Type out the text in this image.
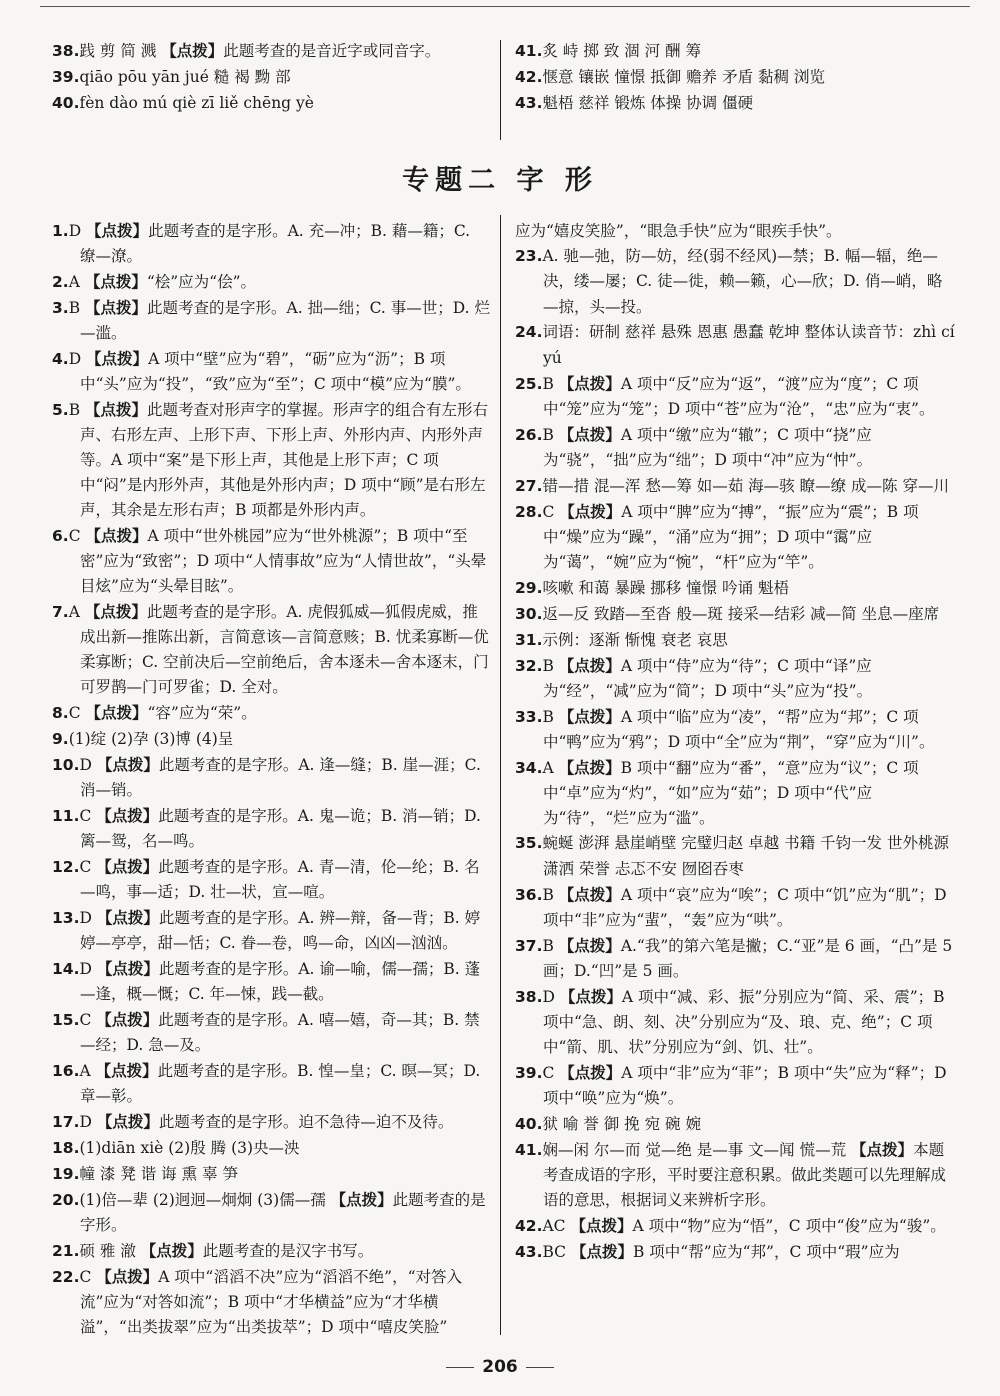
38.践 剪 简 溅 【点拨】此题考查的是音近字或同音字。

39.qiāo pōu yān jué 糙 褐 黝 部

40.fèn dào mú qiè zī liě chēng yè

41.炙 峙 掷 致 涸 河 酬 筹

42.惬意 镶嵌 憧憬 抵御 赡养 矛盾 黏稠 浏览

43.魁梧 慈祥 锻炼 体操 协调 僵硬

专题二 字 形

1.D 【点拨】此题考查的是字形。A. 充—冲；B. 藉—籍；C. 缭—潦。

2.A 【点拨】“桧”应为“侩”。

3.B 【点拨】此题考查的是字形。A. 拙—绌；C. 事—世；D. 烂—滥。

4.D 【点拨】A 项中“壁”应为“碧”，“砺”应为“沥”；B 项中“头”应为“投”，“致”应为“至”；C 项中“模”应为“膜”。

5.B 【点拨】此题考查对形声字的掌握。形声字的组合有左形右声、右形左声、上形下声、下形上声、外形内声、内形外声等。A 项中“案”是下形上声，其他是上形下声；C 项中“闷”是内形外声，其他是外形内声；D 项中“顾”是右形左声，其余是左形右声；B 项都是外形内声。

6.C 【点拨】A 项中“世外桃园”应为“世外桃源”；B 项中“至密”应为“致密”；D 项中“人情事故”应为“人情世故”，“头晕目炫”应为“头晕目眩”。

7.A 【点拨】此题考查的是字形。A. 虎假狐威—狐假虎威，推成出新—推陈出新，言简意该—言简意赅；B. 忧柔寡断—优柔寡断；C. 空前决后—空前绝后，舍本逐未—舍本逐末，门可罗鹊—门可罗雀；D. 全对。

8.C 【点拨】“容”应为“荣”。

9.(1)绽 (2)孕 (3)博 (4)呈

10.D 【点拨】此题考查的是字形。A. 逢—缝；B. 崖—涯；C. 消—销。

11.C 【点拨】此题考查的是字形。A. 鬼—诡；B. 消—销；D. 篱—鸳，名—鸣。

12.C 【点拨】此题考查的是字形。A. 青—清，伦—纶；B. 名—鸣，事—适；D. 壮—状，宣—喧。

13.D 【点拨】此题考查的是字形。A. 辨—辩，备—背；B. 婷婷—亭亭，甜—恬；C. 眷—卷，鸣—命，凶凶—汹汹。

14.D 【点拨】此题考查的是字形。A. 谕—喻，儒—孺；B. 蓬—逢，概—慨；C. 年—悚，践—截。

15.C 【点拨】此题考查的是字形。A. 嘻—嬉，奇—其；B. 禁—经；D. 急—及。

16.A 【点拨】此题考查的是字形。B. 惶—皇；C. 暝—冥；D. 章—彰。

17.D 【点拨】此题考查的是字形。迫不急待—迫不及待。

18.(1)diān xiè (2)殷 腾 (3)央—泱

19.幢 漆 凳 谐 诲 熏 辜 笋

20.(1)倍—辈 (2)迥迥—炯炯 (3)儒—孺 【点拨】此题考查的是字形。

21.硕 雅 澈 【点拨】此题考查的是汉字书写。

22.C 【点拨】A 项中“滔滔不决”应为“滔滔不绝”，“对答入流”应为“对答如流”；B 项中“才华横益”应为“才华横溢”，“出类拔翠”应为“出类拔萃”；D 项中“嘻皮笑脸”

应为“嬉皮笑脸”，“眼急手快”应为“眼疾手快”。

23.A. 驰—弛，防—妨，经(弱不经风)—禁；B. 幅—辐，绝—决，缕—屡；C. 徒—徙，赖—籁，心—欣；D. 俏—峭，略—掠，头—投。

24.词语：研制 慈祥 悬殊 恩惠 愚蠢 乾坤 整体认读音节：zhì cí yú

25.B 【点拨】A 项中“反”应为“返”，“渡”应为“度”；C 项中“笼”应为“笼”；D 项中“苍”应为“沧”，“忠”应为“衷”。

26.B 【点拨】A 项中“缴”应为“辙”；C 项中“挠”应为“骁”，“拙”应为“绌”；D 项中“冲”应为“忡”。

27.错—措 混—浑 愁—筹 如—茹 海—骇 瞭—缭 成—陈 穿—川

28.C 【点拨】A 项中“脾”应为“搏”，“振”应为“震”；B 项中“燥”应为“躁”，“涌”应为“拥”；D 项中“霭”应为“蔼”，“婉”应为“惋”，“杆”应为“竿”。

29.咳嗽 和蔼 暴躁 挪移 憧憬 吟诵 魁梧

30.返—反 致踏—至沓 般—斑 接采—结彩 减—简 坐息—座席

31.示例：逐渐 惭愧 衰老 哀思

32.B 【点拨】A 项中“侍”应为“待”；C 项中“译”应为“经”，“减”应为“简”；D 项中“头”应为“投”。

33.B 【点拨】A 项中“临”应为“凌”，“帮”应为“邦”；C 项中“鸭”应为“鸦”；D 项中“全”应为“荆”，“穿”应为“川”。

34.A 【点拨】B 项中“翻”应为“番”，“意”应为“议”；C 项中“卓”应为“灼”，“如”应为“茹”；D 项中“代”应为“待”，“烂”应为“滥”。

35.蜿蜒 澎湃 悬崖峭壁 完璧归赵 卓越 书籍 千钧一发 世外桃源 潇洒 荣誉 忐忑不安 囫囵吞枣

36.B 【点拨】A 项中“哀”应为“唉”；C 项中“饥”应为“肌”；D 项中“非”应为“蜚”，“轰”应为“哄”。

37.B 【点拨】A.“我”的第六笔是撇；C.“亚”是 6 画，“凸”是 5 画；D.“凹”是 5 画。

38.D 【点拨】A 项中“减、彩、振”分别应为“简、采、震”；B 项中“急、朗、刻、决”分别应为“及、琅、克、绝”；C 项中“箭、肌、状”分别应为“剑、饥、壮”。

39.C 【点拨】A 项中“非”应为“菲”；B 项中“失”应为“释”；D 项中“唤”应为“焕”。

40.狱 喻 誉 御 挽 宛 碗 婉

41.娴—闲 尔—而 觉—绝 是—事 文—闻 慌—荒 【点拨】本题考查成语的字形，平时要注意积累。做此类题可以先理解成语的意思，根据词义来辨析字形。

42.AC 【点拨】A 项中“物”应为“悟”，C 项中“俊”应为“骏”。

43.BC 【点拨】B 项中“帮”应为“邦”，C 项中“瑕”应为

206
